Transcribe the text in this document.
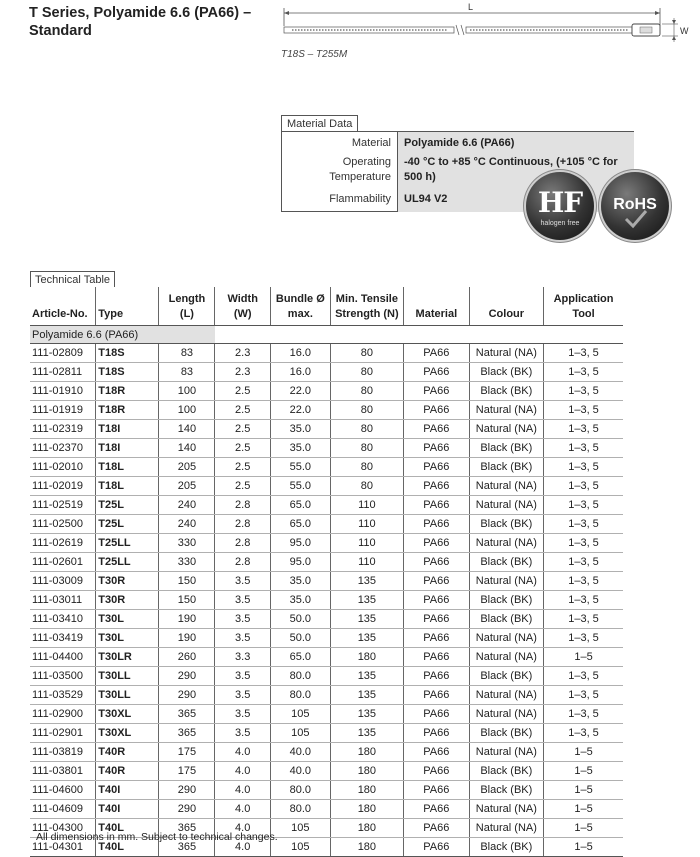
T Series, Polyamide 6.6 (PA66) – Standard
L
W
T18S – T255M
Material Data
Material	Polyamide 6.6 (PA66)
Operating Temperature	-40 °C to +85 °C Continuous, (+105 °C for 500 h)
Flammability	UL94 V2	HF
halogen free
RoHS
Technical Table
Article-No.	Type	Length (L)	Width (W)	Bundle Ø max.	Min. Tensile Strength (N)	Material	Colour	Application Tool
Polyamide 6.6 (PA66)								
111-02809	T18S	83	2.3	16.0	80	PA66	Natural (NA)	1–3, 5
111-02811	T18S	83	2.3	16.0	80	PA66	Black (BK)	1–3, 5
111-01910	T18R	100	2.5	22.0	80	PA66	Black (BK)	1–3, 5
111-01919	T18R	100	2.5	22.0	80	PA66	Natural (NA)	1–3, 5
111-02319	T18I	140	2.5	35.0	80	PA66	Natural (NA)	1–3, 5
111-02370	T18I	140	2.5	35.0	80	PA66	Black (BK)	1–3, 5
111-02010	T18L	205	2.5	55.0	80	PA66	Black (BK)	1–3, 5
111-02019	T18L	205	2.5	55.0	80	PA66	Natural (NA)	1–3, 5
111-02519	T25L	240	2.8	65.0	110	PA66	Natural (NA)	1–3, 5
111-02500	T25L	240	2.8	65.0	110	PA66	Black (BK)	1–3, 5
111-02619	T25LL	330	2.8	95.0	110	PA66	Natural (NA)	1–3, 5
111-02601	T25LL	330	2.8	95.0	110	PA66	Black (BK)	1–3, 5
111-03009	T30R	150	3.5	35.0	135	PA66	Natural (NA)	1–3, 5
111-03011	T30R	150	3.5	35.0	135	PA66	Black (BK)	1–3, 5
111-03410	T30L	190	3.5	50.0	135	PA66	Black (BK)	1–3, 5
111-03419	T30L	190	3.5	50.0	135	PA66	Natural (NA)	1–3, 5
111-04400	T30LR	260	3.3	65.0	180	PA66	Natural (NA)	1–5
111-03500	T30LL	290	3.5	80.0	135	PA66	Black (BK)	1–3, 5
111-03529	T30LL	290	3.5	80.0	135	PA66	Natural (NA)	1–3, 5
111-02900	T30XL	365	3.5	105	135	PA66	Natural (NA)	1–3, 5
111-02901	T30XL	365	3.5	105	135	PA66	Black (BK)	1–3, 5
111-03819	T40R	175	4.0	40.0	180	PA66	Natural (NA)	1–5
111-03801	T40R	175	4.0	40.0	180	PA66	Black (BK)	1–5
111-04600	T40I	290	4.0	80.0	180	PA66	Black (BK)	1–5
111-04609	T40I	290	4.0	80.0	180	PA66	Natural (NA)	1–5
111-04300	T40L	365	4.0	105	180	PA66	Natural (NA)	1–5
111-04301	T40L	365	4.0	105	180	PA66	Black (BK)	1–5
All dimensions in mm. Subject to technical changes.
